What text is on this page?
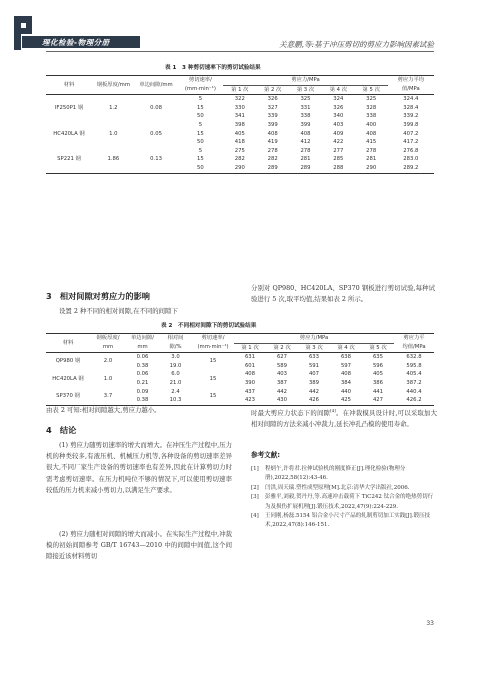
理化检验-物理分册	关意鹏,等:基于冲压剪切的剪应力影响因素试验
表 1　3 种剪切速率下的剪切试验结果
材料	钢板厚度/mm	单边间隙/mm	剪切速率/	剪应力/MPa					剪应力平均
			(mm·min⁻¹)	第 1 次	第 2 次	第 3 次	第 4 次	第 5 次	值/MPa
IF250P1 钢	1.2	0.08	5	322	326	325	324	325	324.4
			15	330	327	331	326	328	328.4
			50	341	339	338	340	338	339.2
HC420LA 钢	1.0	0.05	5	398	399	399	403	400	399.8
			15	405	408	408	409	408	407.2
			50	418	419	412	422	415	417.2
SP221 钢	1.86	0.13	5	275	278	278	277	278	276.8
			15	282	282	281	285	281	283.0
			50	290	289	289	288	290	289.2
3　相对间隙对剪应力的影响
设置 2 种不同的相对间隙,在不同的间隙下
分别对 QP980、HC420LA、SP370 钢板进行剪切试验,每种试验进行 5 次,取平均值,结果如表 2 所示。
表 2　不同相对间隙下的剪切试验结果
材料	钢板厚度/	单边间隙/	相对间	剪切速率/	剪应力/MPa					剪应力平
	mm	mm	隙/%	(mm·min⁻¹)	第 1 次	第 2 次	第 3 次	第 4 次	第 5 次	均值/MPa
QP980 钢	2.0	0.06	3.0	15	631	627	633	638	635	632.8
		0.38	19.0		601	589	591	597	596	595.8
HC420LA 钢	1.0	0.06	6.0	15	408	403	407	408	405	405.4
		0.21	21.0		390	387	389	384	386	387.2
SP370 钢	3.7	0.09	2.4	15	437	442	442	440	441	440.4
		0.38	10.3		423	430	426	425	427	426.2
由表 2 可知:相对间隙越大,剪应力越小。
4　结论
(1) 剪应力随剪切速率的增大而增大。在冲压生产过程中,压力机的种类较多,有液压机、机械压力机等,各种设备的剪切速率差异很大,不同厂家生产设备的剪切速率也有差异,因此在计算剪切力时需考虑剪切速率。在压力机吨位不够的情况下,可以使用剪切速率较低的压力机来减小剪切力,以满足生产要求。
(2) 剪应力随相对间隙的增大而减小。在实际生产过程中,冲裁模的初始间隙参考 GB/T 16743—2010 中的间隙中间值,这个间隙接近该材料剪切
时最大剪应力状态下的间隙[4]。在冲裁模具设计时,可以采取加大相对间隙的方法来减小冲裁力,延长冲孔凸模的使用寿命。
参考文献:
[1]	程炳午,许将君.拉伸试验机的刚度修正[J].理化检验(物理分册),2022,58(12):43-46.
[2]	闫洪,周天瑞.塑性成型原理[M].北京:清华大学出版社,2006.
[3]	彭雅平,刘毅,贺丹丹,等.高速冲击载荷下 TiC242 钛合金的绝热剪切行为及损伤扩展机理[J].锻压技术,2022,47(9):224-229.
[4]	王同刚,杨磊.5154 铝合金小尺寸产品的轧制剪切加工实践[J].锻压技术,2022,47(8):146-151.
33
